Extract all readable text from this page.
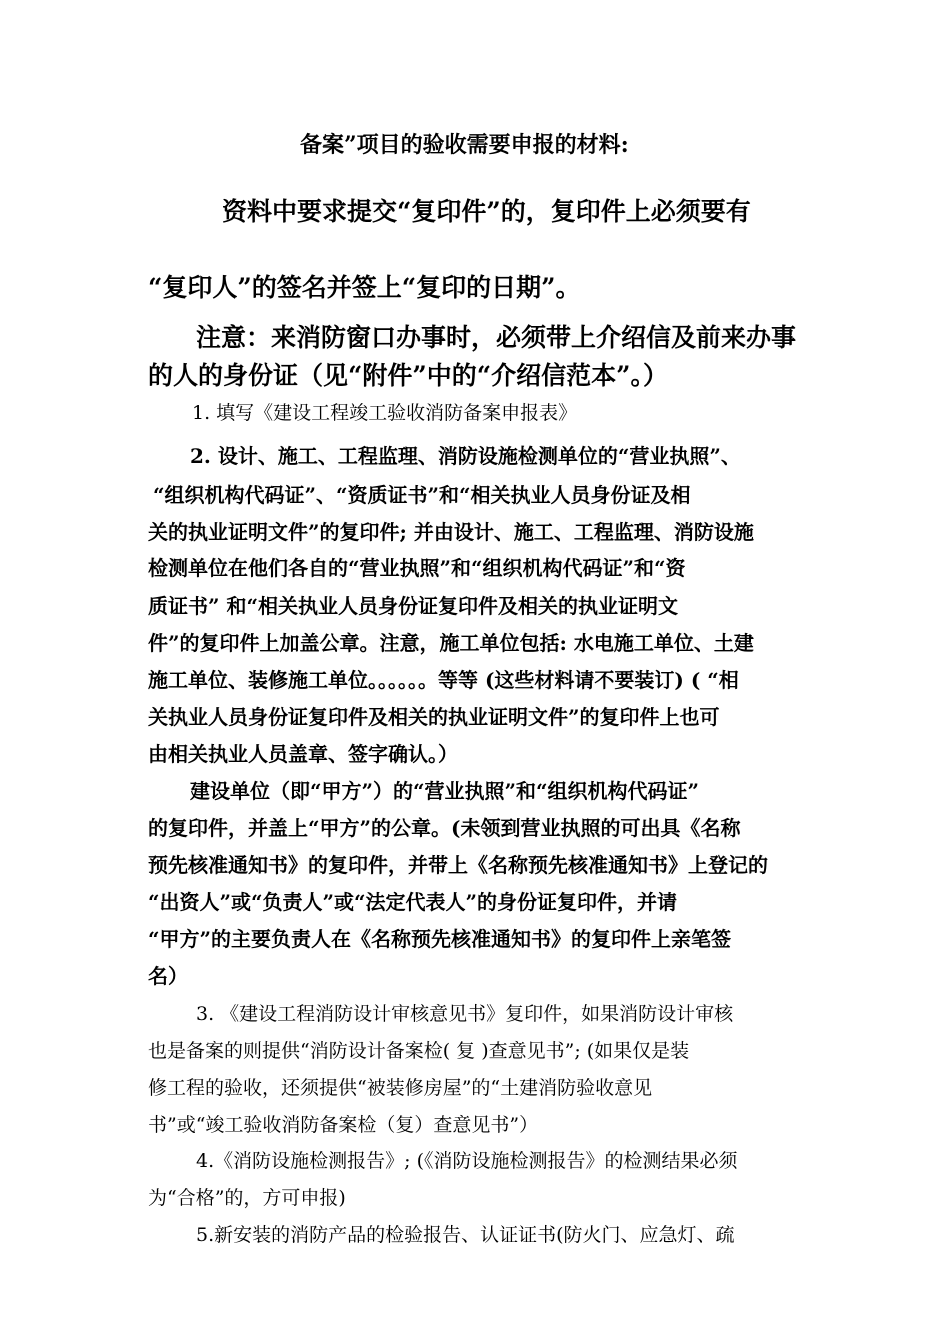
备案”项目的验收需要申报的材料:
资料中要求提交“复印件”的，复印件上必须要有
“复印人”的签名并签上“复印的日期”。
注意：来消防窗口办事时，必须带上介绍信及前来办事
的人的身份证（见“附件”中的“介绍信范本”。）
1. 填写《建设工程竣工验收消防备案申报表》
2. 设计、施工、工程监理、消防设施检测单位的“营业执照”、
“组织机构代码证”、“资质证书”和“相关执业人员身份证及相
关的执业证明文件”的复印件; 并由设计、施工、工程监理、消防设施
检测单位在他们各自的“营业执照”和“组织机构代码证”和“资
质证书” 和“相关执业人员身份证复印件及相关的执业证明文
件”的复印件上加盖公章。注意，施工单位包括: 水电施工单位、土建
施工单位、装修施工单位。。。。。。等等 (这些材料请不要装订) ( “相
关执业人员身份证复印件及相关的执业证明文件”的复印件上也可
由相关执业人员盖章、签字确认。）
建设单位（即“甲方”）的“营业执照”和“组织机构代码证”
的复印件，并盖上“甲方”的公章。(未领到营业执照的可出具《名称
预先核准通知书》的复印件，并带上《名称预先核准通知书》上登记的
“出资人”或“负责人”或“法定代表人”的身份证复印件，并请
“甲方”的主要负责人在《名称预先核准通知书》的复印件上亲笔签
名）
3. 《建设工程消防设计审核意见书》复印件，如果消防设计审核
也是备案的则提供“消防设计备案检( 复 )查意见书”; (如果仅是装
修工程的验收，还须提供“被装修房屋”的“土建消防验收意见
书”或“竣工验收消防备案检（复）查意见书”）
4.《消防设施检测报告》; (《消防设施检测报告》的检测结果必须
为“合格”的，方可申报)
5.新安装的消防产品的检验报告、认证证书(防火门、应急灯、疏
